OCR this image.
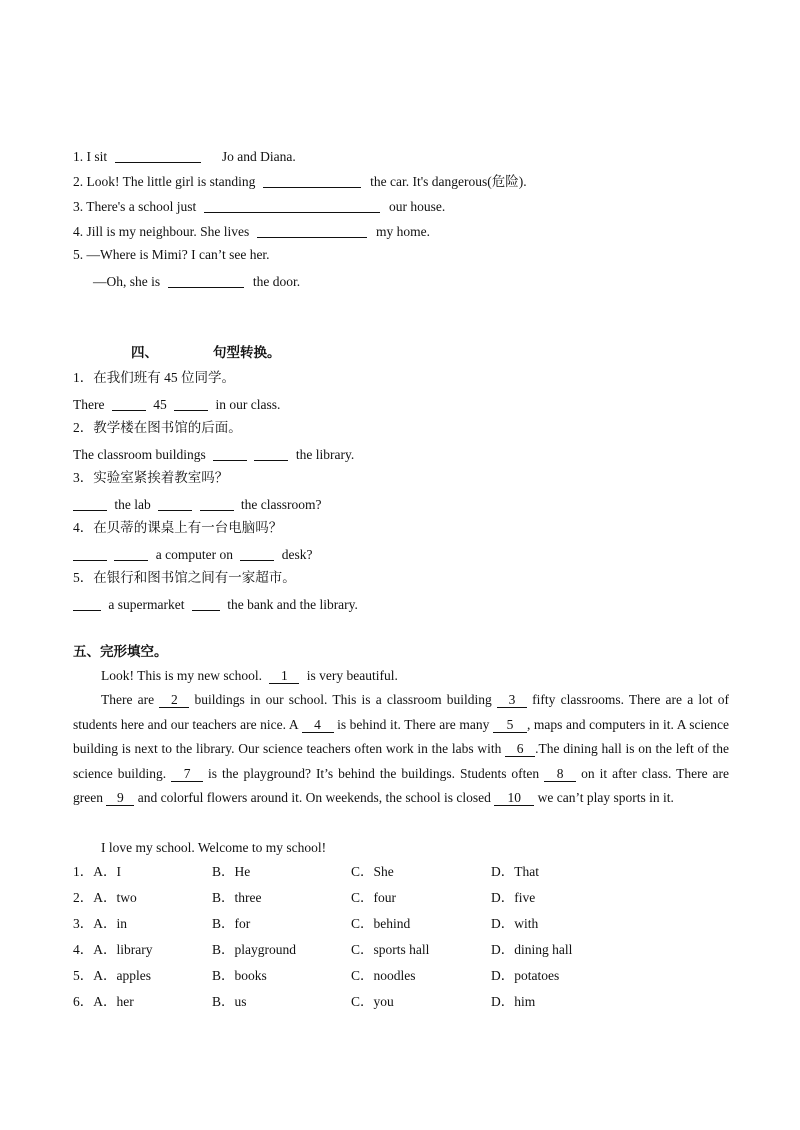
1. I sit	Jo and Diana.
2. Look! The little girl is standing	the car. It's dangerous(危险).
3. There's a school just	our house.
4. Jill is my neighbour. She lives	my home.
5. —Where is Mimi? I can’t see her.
—Oh, she is	the door.
四、	句型转换。
1．在我们班有 45 位同学。
There	45	in our class.
2．教学楼在图书馆的后面。
The classroom buildings	the library.
3．实验室紧挨着教室吗？
the lab	the classroom?
4．在贝蒂的课桌上有一台电脑吗？
a computer on	desk?
5．在银行和图书馆之间有一家超市。
a supermarket	the bank and the library.
五、完形填空。
Look! This is my new school. 1 is very beautiful.
There are 2 buildings in our school. This is a classroom building 3 fifty classrooms. There are a lot of students here and our teachers are nice. A 4 is behind it. There are many 5 , maps and computers in it. A science building is next to the library. Our science teachers often work in the labs with 6 .The dining hall is on the left of the science building. 7 is the playground? It’s behind the buildings. Students often 8 on it after class. There are green 9 and colorful flowers around it. On weekends, the school is closed 10 we can’t play sports in it.
I love my school. Welcome to my school!
1．A．I	B．He	C．She	D．That
2．A．two	B．three	C．four	D．five
3．A．in	B．for	C．behind	D．with
4．A．library	B．playground	C．sports hall	D．dining hall
5．A．apples	B．books	C．noodles	D．potatoes
6．A．her	B．us	C．you	D．him
